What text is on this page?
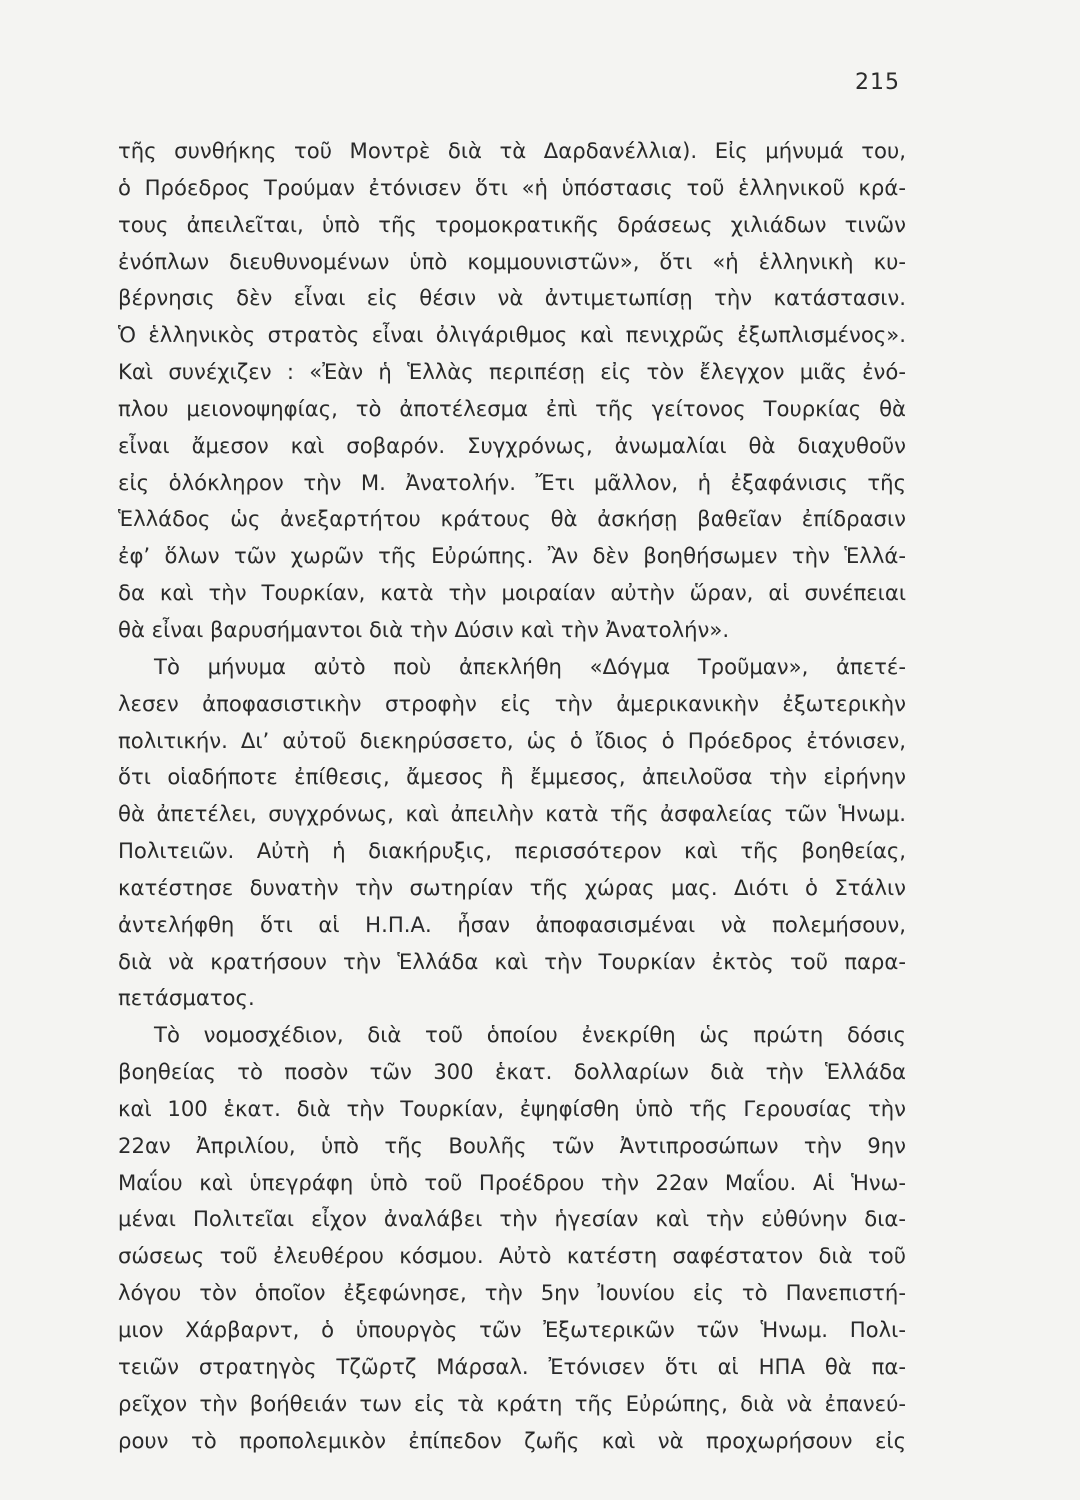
215
τῆς συνθήκης τοῦ Μοντρὲ διὰ τὰ Δαρδανέλλια). Εἰς μήνυμά του,
ὁ Πρόεδρος Τρούμαν ἐτόνισεν ὅτι «ἡ ὑπόστασις τοῦ ἑλληνικοῦ κρά-
τους ἀπειλεῖται, ὑπὸ τῆς τρομοκρατικῆς δράσεως χιλιάδων τινῶν
ἐνόπλων διευθυνομένων ὑπὸ κομμουνιστῶν», ὅτι «ἡ ἑλληνικὴ κυ-
βέρνησις δὲν εἶναι εἰς θέσιν νὰ ἀντιμετωπίσῃ τὴν κατάστασιν.
Ὁ ἑλληνικὸς στρατὸς εἶναι ὀλιγάριθμος καὶ πενιχρῶς ἐξωπλισμένος».
Καὶ συνέχιζεν : «Ἐὰν ἡ Ἑλλὰς περιπέσῃ εἰς τὸν ἔλεγχον μιᾶς ἐνό-
πλου μειονοψηφίας, τὸ ἀποτέλεσμα ἐπὶ τῆς γείτονος Τουρκίας θὰ
εἶναι ἄμεσον καὶ σοβαρόν. Συγχρόνως, ἀνωμαλίαι θὰ διαχυθοῦν
εἰς ὁλόκληρον τὴν Μ. Ἀνατολήν. Ἔτι μᾶλλον, ἡ ἐξαφάνισις τῆς
Ἑλλάδος ὡς ἀνεξαρτήτου κράτους θὰ ἀσκήσῃ βαθεῖαν ἐπίδρασιν
ἐφ’ ὅλων τῶν χωρῶν τῆς Εὐρώπης. Ἂν δὲν βοηθήσωμεν τὴν Ἑλλά-
δα καὶ τὴν Τουρκίαν, κατὰ τὴν μοιραίαν αὐτὴν ὥραν, αἱ συνέπειαι
θὰ εἶναι βαρυσήμαντοι διὰ τὴν Δύσιν καὶ τὴν Ἀνατολήν».
Τὸ μήνυμα αὐτὸ ποὺ ἀπεκλήθη «Δόγμα Τροῦμαν», ἀπετέ-
λεσεν ἀποφασιστικὴν στροφὴν εἰς τὴν ἀμερικανικὴν ἐξωτερικὴν
πολιτικήν. Δι’ αὐτοῦ διεκηρύσσετο, ὡς ὁ ἴδιος ὁ Πρόεδρος ἐτόνισεν,
ὅτι οἱαδήποτε ἐπίθεσις, ἄμεσος ἢ ἔμμεσος, ἀπειλοῦσα τὴν εἰρήνην
θὰ ἀπετέλει, συγχρόνως, καὶ ἀπειλὴν κατὰ τῆς ἀσφαλείας τῶν Ἡνωμ.
Πολιτειῶν. Αὐτὴ ἡ διακήρυξις, περισσότερον καὶ τῆς βοηθείας,
κατέστησε δυνατὴν τὴν σωτηρίαν τῆς χώρας μας. Διότι ὁ Στάλιν
ἀντελήφθη ὅτι αἱ Η.Π.Α. ἦσαν ἀποφασισμέναι νὰ πολεμήσουν,
διὰ νὰ κρατήσουν τὴν Ἑλλάδα καὶ τὴν Τουρκίαν ἐκτὸς τοῦ παρα-
πετάσματος.
Τὸ νομοσχέδιον, διὰ τοῦ ὁποίου ἐνεκρίθη ὡς πρώτη δόσις
βοηθείας τὸ ποσὸν τῶν 300 ἑκατ. δολλαρίων διὰ τὴν Ἑλλάδα
καὶ 100 ἑκατ. διὰ τὴν Τουρκίαν, ἐψηφίσθη ὑπὸ τῆς Γερουσίας τὴν
22αν Ἀπριλίου, ὑπὸ τῆς Βουλῆς τῶν Ἀντιπροσώπων τὴν 9ην
Μαΐου καὶ ὑπεγράφη ὑπὸ τοῦ Προέδρου τὴν 22αν Μαΐου. Αἱ Ἡνω-
μέναι Πολιτεῖαι εἶχον ἀναλάβει τὴν ἡγεσίαν καὶ τὴν εὐθύνην δια-
σώσεως τοῦ ἐλευθέρου κόσμου. Αὐτὸ κατέστη σαφέστατον διὰ τοῦ
λόγου τὸν ὁποῖον ἐξεφώνησε, τὴν 5ην Ἰουνίου εἰς τὸ Πανεπιστή-
μιον Χάρβαρντ, ὁ ὑπουργὸς τῶν Ἐξωτερικῶν τῶν Ἡνωμ. Πολι-
τειῶν στρατηγὸς Τζῶρτζ Μάρσαλ. Ἐτόνισεν ὅτι αἱ ΗΠΑ θὰ πα-
ρεῖχον τὴν βοήθειάν των εἰς τὰ κράτη τῆς Εὐρώπης, διὰ νὰ ἐπανεύ-
ρουν τὸ προπολεμικὸν ἐπίπεδον ζωῆς καὶ νὰ προχωρήσουν εἰς
